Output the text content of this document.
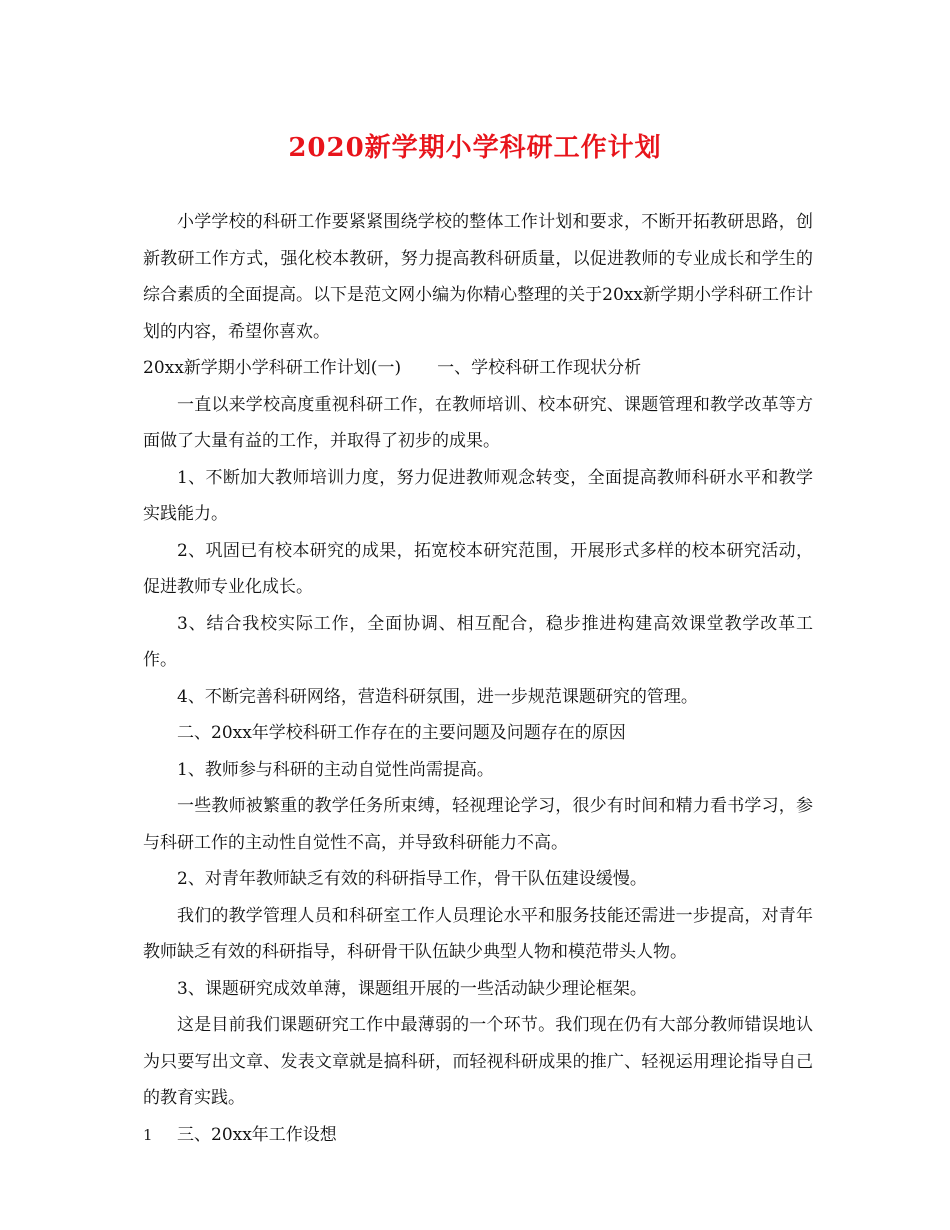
2020新学期小学科研工作计划

小学学校的科研工作要紧紧围绕学校的整体工作计划和要求，不断开拓教研思路，创新教研工作方式，强化校本教研，努力提高教科研质量，以促进教师的专业成长和学生的综合素质的全面提高。以下是范文网小编为你精心整理的关于20xx新学期小学科研工作计划的内容，希望你喜欢。

20xx新学期小学科研工作计划(一) 一、学校科研工作现状分析

一直以来学校高度重视科研工作，在教师培训、校本研究、课题管理和教学改革等方面做了大量有益的工作，并取得了初步的成果。

1、不断加大教师培训力度，努力促进教师观念转变，全面提高教师科研水平和教学实践能力。

2、巩固已有校本研究的成果，拓宽校本研究范围，开展形式多样的校本研究活动，促进教师专业化成长。

3、结合我校实际工作，全面协调、相互配合，稳步推进构建高效课堂教学改革工作。

4、不断完善科研网络，营造科研氛围，进一步规范课题研究的管理。

二、20xx年学校科研工作存在的主要问题及问题存在的原因

1、教师参与科研的主动自觉性尚需提高。

一些教师被繁重的教学任务所束缚，轻视理论学习，很少有时间和精力看书学习，参与科研工作的主动性自觉性不高，并导致科研能力不高。

2、对青年教师缺乏有效的科研指导工作，骨干队伍建设缓慢。

我们的教学管理人员和科研室工作人员理论水平和服务技能还需进一步提高，对青年教师缺乏有效的科研指导，科研骨干队伍缺少典型人物和模范带头人物。

3、课题研究成效单薄，课题组开展的一些活动缺少理论框架。

这是目前我们课题研究工作中最薄弱的一个环节。我们现在仍有大部分教师错误地认为只要写出文章、发表文章就是搞科研，而轻视科研成果的推广、轻视运用理论指导自己的教育实践。

三、20xx年工作设想

1
